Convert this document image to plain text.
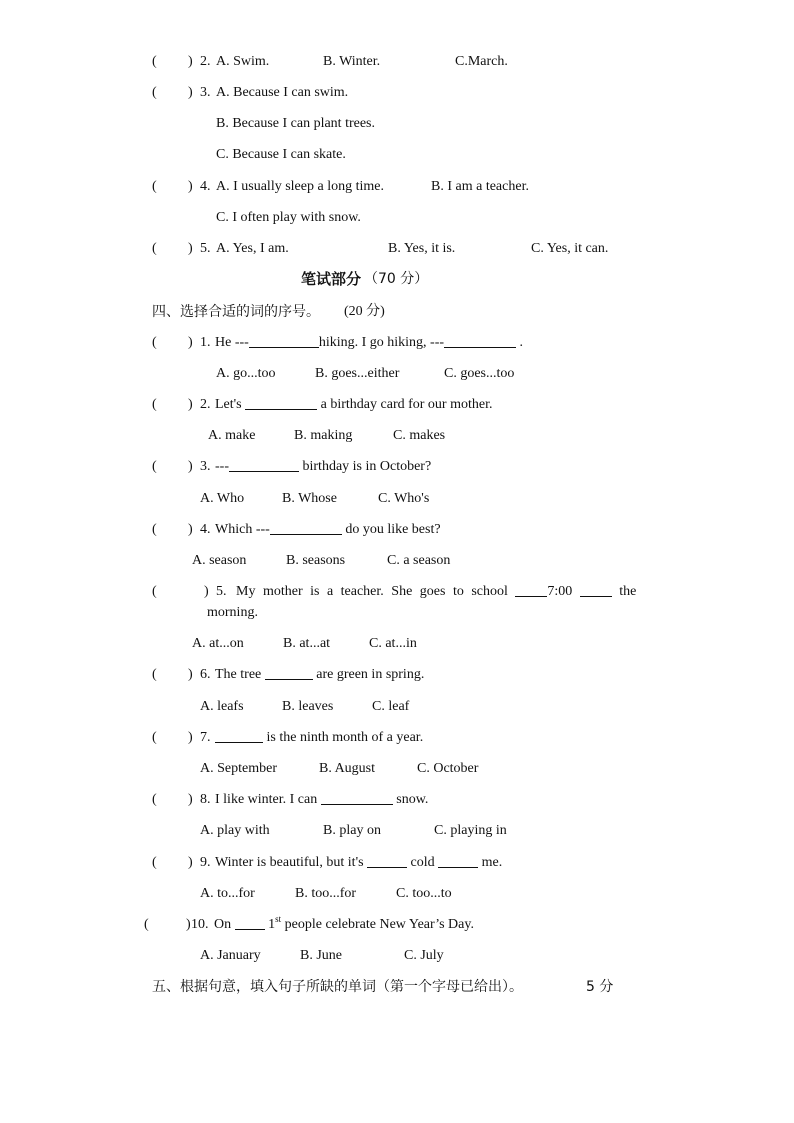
( ) 2. A. Swim.	B. Winter.	C.March.
( ) 3. A. Because I can swim.
B. Because I can plant trees.
C. Because I can skate.
( ) 4. A. I usually sleep a long time.	B. I am a teacher.
C. I often play with snow.
( ) 5. A. Yes, I am.	B. Yes, it is.	C. Yes, it can.
笔试部分 （70 分）
四、选择合适的词的序号。 (20 分)
( ) 1. He ---	hiking. I go hiking, ---	.
A. go...too	B. goes...either	C. goes...too
( ) 2. Let's	a birthday card for our mother.
A. make	B. making	C. makes
( ) 3. ---	birthday is in October?
A. Who	B. Whose	C. Who's
( ) 4. Which ---	do you like best?
A. season	B. seasons	C. a season
(	) 5. My mother is a teacher. She goes to school 7:00  the
morning.
A. at...on	B. at...at	C. at...in
( ) 6. The tree	are green in spring.
A. leafs	B. leaves	C. leaf
( ) 7.	is the ninth month of a year.
A. September	B. August	C. October
( ) 8. I like winter. I can	snow.
A. play with	B. play on	C. playing in
( ) 9. Winter is beautiful, but it's	cold	me.
A. to...for	B. too...for	C. too...to
(	) 10. On  1st people celebrate New Year’s Day.
A. January	B. June	C. July
五、根据句意，填入句子所缺的单词（第一个字母已给出）。	5 分
